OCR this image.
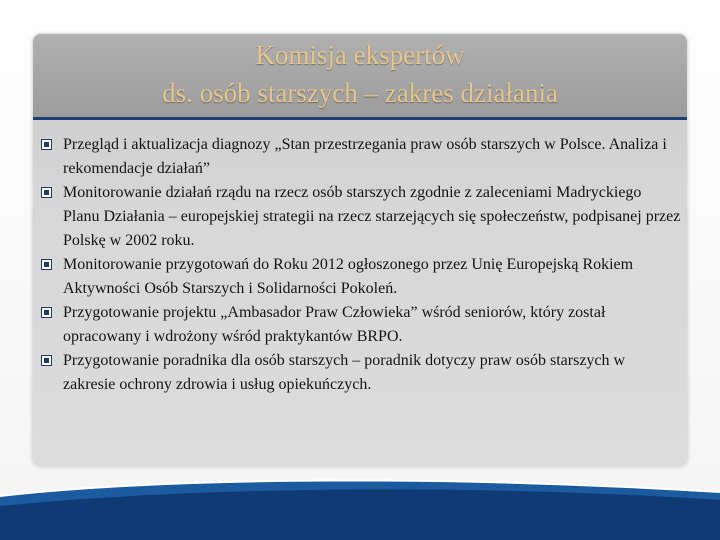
Komisja ekspertów
ds. osób starszych – zakres działania
Przegląd i aktualizacja diagnozy „Stan przestrzegania praw osób starszych w Polsce. Analiza i rekomendacje działań”
Monitorowanie działań rządu na rzecz osób starszych zgodnie z zaleceniami Madryckiego Planu Działania – europejskiej strategii na rzecz starzejących się społeczeństw, podpisanej przez Polskę w 2002 roku.
Monitorowanie przygotowań do Roku 2012 ogłoszonego przez Unię Europejską Rokiem Aktywności Osób Starszych i Solidarności Pokoleń.
Przygotowanie projektu „Ambasador Praw Człowieka” wśród seniorów, który został opracowany i wdrożony wśród praktykantów BRPO.
Przygotowanie poradnika dla osób starszych – poradnik dotyczy praw osób starszych w zakresie ochrony zdrowia i usług opiekuńczych.
